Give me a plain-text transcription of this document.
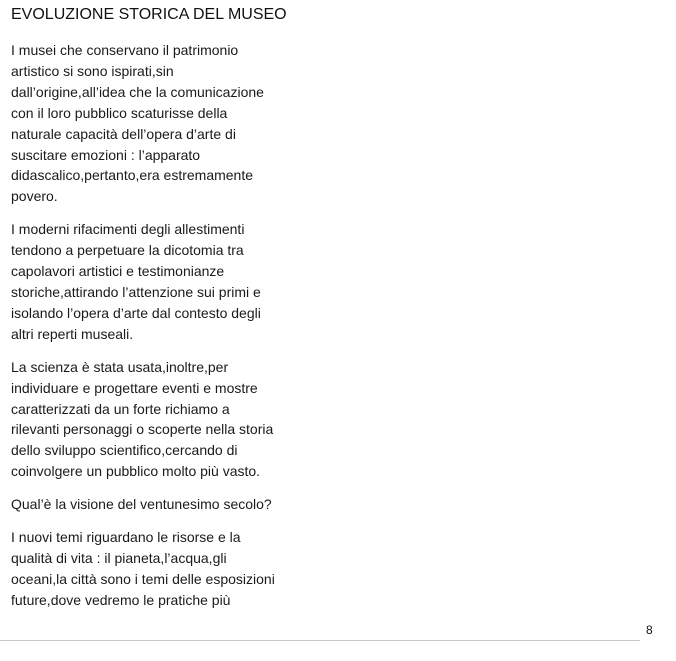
EVOLUZIONE STORICA DEL MUSEO

I musei che conservano il patrimonio
artistico si sono ispirati,sin
dall’origine,all’idea che la comunicazione
con il loro pubblico scaturisse della
naturale capacità dell’opera d’arte di
suscitare emozioni : l’apparato
didascalico,pertanto,era estremamente
povero.

I moderni rifacimenti degli allestimenti
tendono a perpetuare la dicotomia tra
capolavori artistici e testimonianze
storiche,attirando l’attenzione sui primi e
isolando l’opera d’arte dal contesto degli
altri reperti museali.

La scienza è stata usata,inoltre,per
individuare e progettare eventi e mostre
caratterizzati da un forte richiamo a
rilevanti personaggi o scoperte nella storia
dello sviluppo scientifico,cercando di
coinvolgere un pubblico molto più vasto.

Qual’è la visione del ventunesimo secolo?

I nuovi temi riguardano le risorse e la
qualità di vita : il pianeta,l’acqua,gli
oceani,la città sono i temi delle esposizioni
future,dove vedremo le pratiche più

8
